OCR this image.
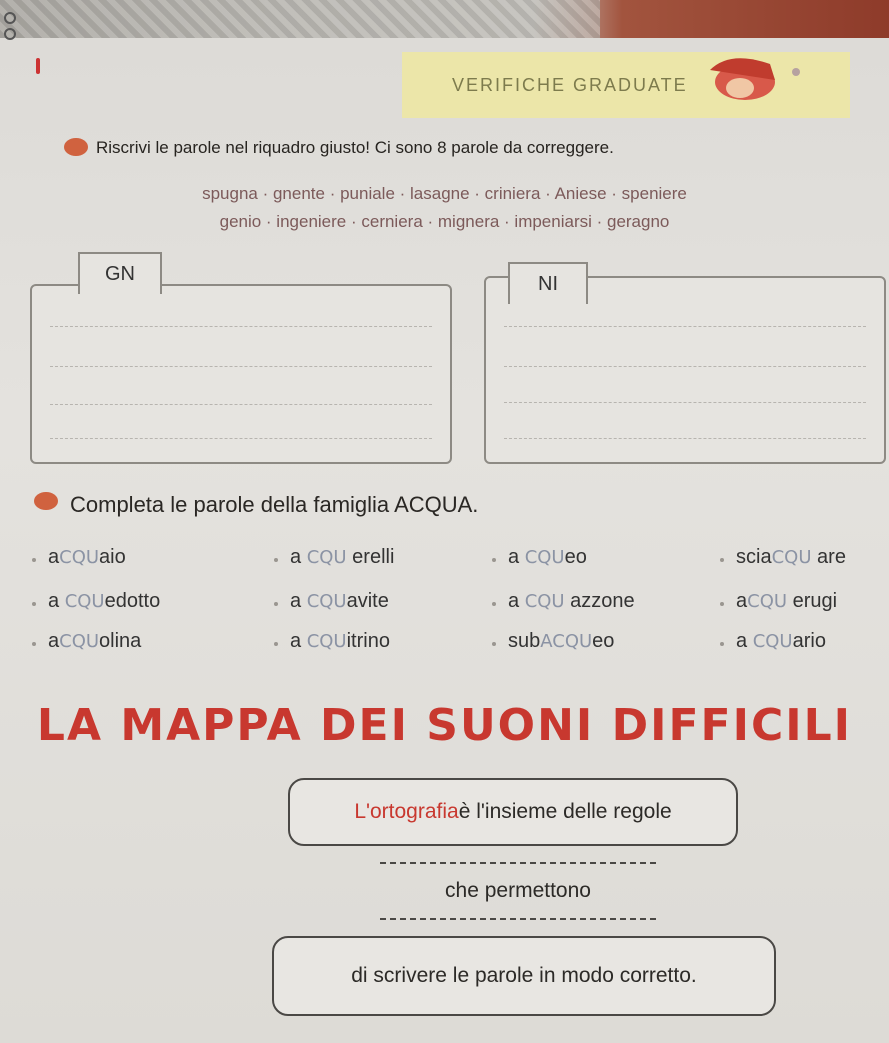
VERIFICHE GRADUATE
Riscrivi le parole nel riquadro giusto! Ci sono 8 parole da correggere.
spugna · gnente · puniale · lasagne · criniera · Aniese · speniere
genio · ingeniere · cerniera · mignera · impeniarsi · geragno
GN	NI
Completa le parole della famiglia ACQUA.
aCQUaio	a CQU erelli	a CQUeo	sciaCQU are
a CQUedotto	a CQUavite	a CQU azzone	aCQU erugi
aCQUolina	a CQUitrino	subACQUeo	a CQUario
LA MAPPA DEI SUONI DIFFICILI
L'ortografia è l'insieme delle regole
che permettono
di scrivere le parole in modo corretto.
